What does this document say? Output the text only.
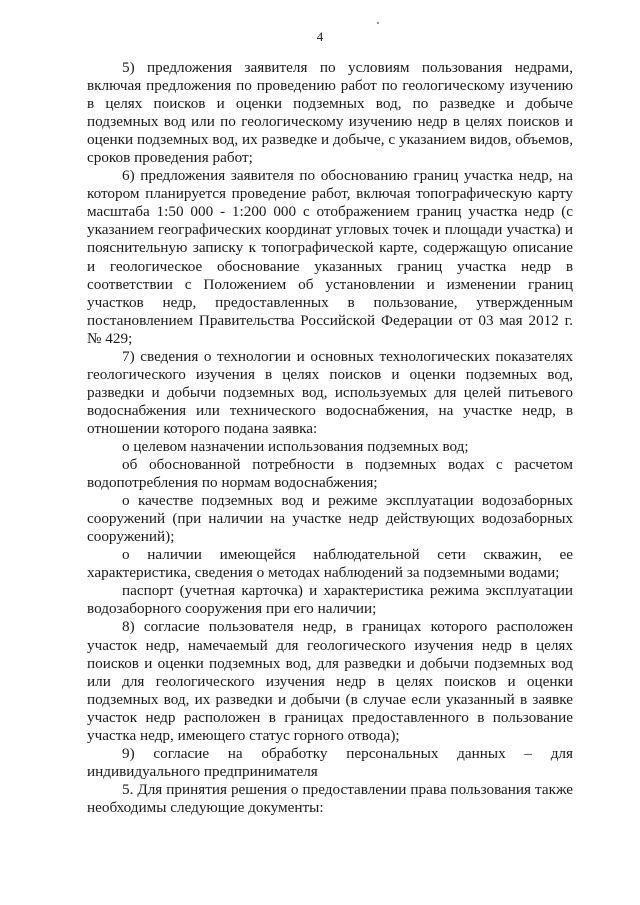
4

5) предложения заявителя по условиям пользования недрами, включая предложения по проведению работ по геологическому изучению в целях поисков и оценки подземных вод, по разведке и добыче подземных вод или по геологическому изучению недр в целях поисков и оценки подземных вод, их разведке и добыче, с указанием видов, объемов, сроков проведения работ;

6) предложения заявителя по обоснованию границ участка недр, на котором планируется проведение работ, включая топографическую карту масштаба 1:50 000 - 1:200 000 с отображением границ участка недр (с указанием географических координат угловых точек и площади участка) и пояснительную записку к топографической карте, содержащую описание и геологическое обоснование указанных границ участка недр в соответствии с Положением об установлении и изменении границ участков недр, предоставленных в пользование, утвержденным постановлением Правительства Российской Федерации от 03 мая 2012 г. № 429;

7) сведения о технологии и основных технологических показателях геологического изучения в целях поисков и оценки подземных вод, разведки и добычи подземных вод, используемых для целей питьевого водоснабжения или технического водоснабжения, на участке недр, в отношении которого подана заявка:

о целевом назначении использования подземных вод;

об обоснованной потребности в подземных водах с расчетом водопотребления по нормам водоснабжения;

о качестве подземных вод и режиме эксплуатации водозаборных сооружений (при наличии на участке недр действующих водозаборных сооружений);

о наличии имеющейся наблюдательной сети скважин, ее характеристика, сведения о методах наблюдений за подземными водами;

паспорт (учетная карточка) и характеристика режима эксплуатации водозаборного сооружения при его наличии;

8) согласие пользователя недр, в границах которого расположен участок недр, намечаемый для геологического изучения недр в целях поисков и оценки подземных вод, для разведки и добычи подземных вод или для геологического изучения недр в целях поисков и оценки подземных вод, их разведки и добычи (в случае если указанный в заявке участок недр расположен в границах предоставленного в пользование участка недр, имеющего статус горного отвода);

9) согласие на обработку персональных данных – для индивидуального предпринимателя

5. Для принятия решения о предоставлении права пользования также необходимы следующие документы:
